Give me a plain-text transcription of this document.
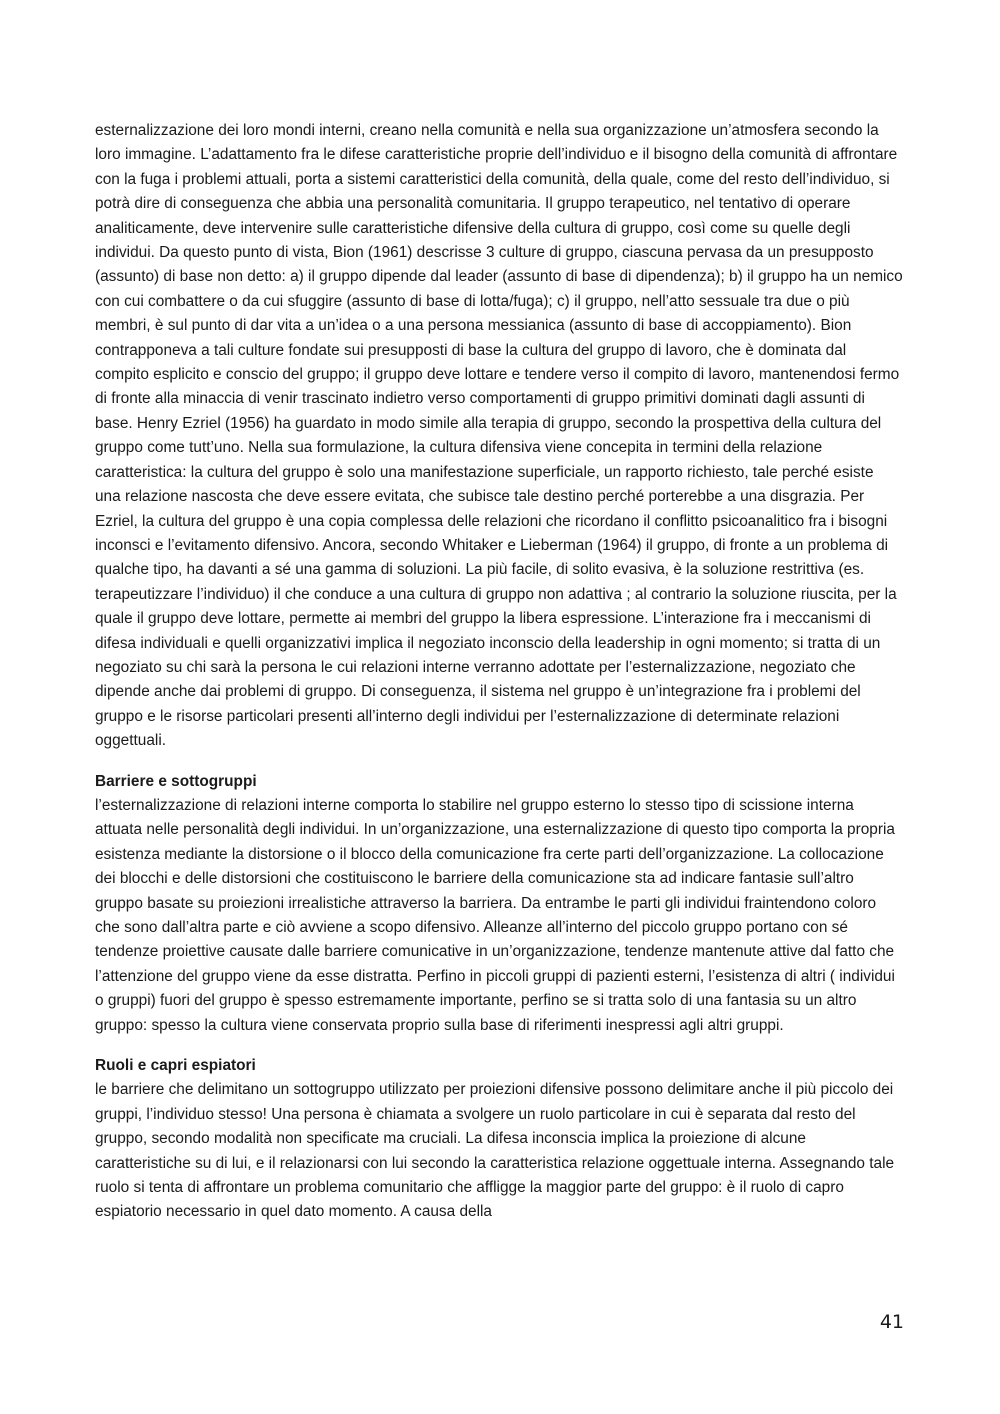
esternalizzazione dei loro mondi interni, creano nella comunità e nella sua organizzazione un’atmosfera secondo la loro immagine. L’adattamento fra le difese caratteristiche proprie dell’individuo e il bisogno della comunità di affrontare con la fuga i problemi attuali, porta a sistemi caratteristici della comunità, della quale, come del resto dell’individuo, si potrà dire di conseguenza che abbia una personalità comunitaria. Il gruppo terapeutico, nel tentativo di operare analiticamente, deve intervenire sulle caratteristiche difensive della cultura di gruppo, così come su quelle degli individui. Da questo punto di vista, Bion (1961) descrisse 3 culture di gruppo, ciascuna pervasa da un presupposto (assunto) di base non detto: a) il gruppo dipende dal leader (assunto di base di dipendenza); b) il gruppo ha un nemico con cui combattere o da cui sfuggire (assunto di base di lotta/fuga); c) il gruppo, nell’atto sessuale tra due o più membri, è sul punto di dar vita a un’idea o a una persona messianica (assunto di base di accoppiamento). Bion contrapponeva a tali culture fondate sui presupposti di base la cultura del gruppo di lavoro, che è dominata dal compito esplicito e conscio del gruppo; il gruppo deve lottare e tendere verso il compito di lavoro, mantenendosi fermo di fronte alla minaccia di venir trascinato indietro verso comportamenti di gruppo primitivi dominati dagli assunti di base. Henry Ezriel (1956) ha guardato in modo simile alla terapia di gruppo, secondo la prospettiva della cultura del gruppo come tutt’uno. Nella sua formulazione, la cultura difensiva viene concepita in termini della relazione caratteristica: la cultura del gruppo è solo una manifestazione superficiale, un rapporto richiesto, tale perché esiste una relazione nascosta che deve essere evitata, che subisce tale destino perché porterebbe a una disgrazia. Per Ezriel, la cultura del gruppo è una copia complessa delle relazioni che ricordano il conflitto psicoanalitico fra i bisogni inconsci e l’evitamento difensivo. Ancora, secondo Whitaker e Lieberman (1964) il gruppo, di fronte a un problema di qualche tipo, ha davanti a sé una gamma di soluzioni. La più facile, di solito evasiva, è la soluzione restrittiva (es. terapeutizzare l’individuo) il che conduce a una cultura di gruppo non adattiva ; al contrario la soluzione riuscita, per la quale il gruppo deve lottare, permette ai membri del gruppo la libera espressione. L’interazione fra i meccanismi di difesa individuali e quelli organizzativi implica il negoziato inconscio della leadership in ogni momento; si tratta di un negoziato su chi sarà la persona le cui relazioni interne verranno adottate per l’esternalizzazione, negoziato che dipende anche dai problemi di gruppo. Di conseguenza, il sistema nel gruppo è un’integrazione fra i problemi del gruppo e le risorse particolari presenti all’interno degli individui per l’esternalizzazione di determinate relazioni oggettuali.

Barriere e sottogruppi

l’esternalizzazione di relazioni interne comporta lo stabilire nel gruppo esterno lo stesso tipo di scissione interna attuata nelle personalità degli individui. In un’organizzazione, una esternalizzazione di questo tipo comporta la propria esistenza mediante la distorsione o il blocco della comunicazione fra certe parti dell’organizzazione. La collocazione dei blocchi e delle distorsioni che costituiscono le barriere della comunicazione sta ad indicare fantasie sull’altro gruppo basate su proiezioni irrealistiche attraverso la barriera. Da entrambe le parti gli individui fraintendono coloro che sono dall’altra parte e ciò avviene a scopo difensivo. Alleanze all’interno del piccolo gruppo portano con sé tendenze proiettive causate dalle barriere comunicative in un’organizzazione, tendenze mantenute attive dal fatto che l’attenzione del gruppo viene da esse distratta. Perfino in piccoli gruppi di pazienti esterni, l’esistenza di altri ( individui o gruppi) fuori del gruppo è spesso estremamente importante, perfino se si tratta solo di una fantasia su un altro gruppo: spesso la cultura viene conservata proprio sulla base di riferimenti inespressi agli altri gruppi.

Ruoli e capri espiatori

le barriere che delimitano un sottogruppo utilizzato per proiezioni difensive possono delimitare anche il più piccolo dei gruppi, l’individuo stesso! Una persona è chiamata a svolgere un ruolo particolare in cui è separata dal resto del gruppo, secondo modalità non specificate ma cruciali. La difesa inconscia implica la proiezione di alcune caratteristiche su di lui, e il relazionarsi con lui secondo la caratteristica relazione oggettuale interna. Assegnando tale ruolo si tenta di affrontare un problema comunitario che affligge la maggior parte del gruppo: è il ruolo di capro espiatorio necessario in quel dato momento. A causa della

41
